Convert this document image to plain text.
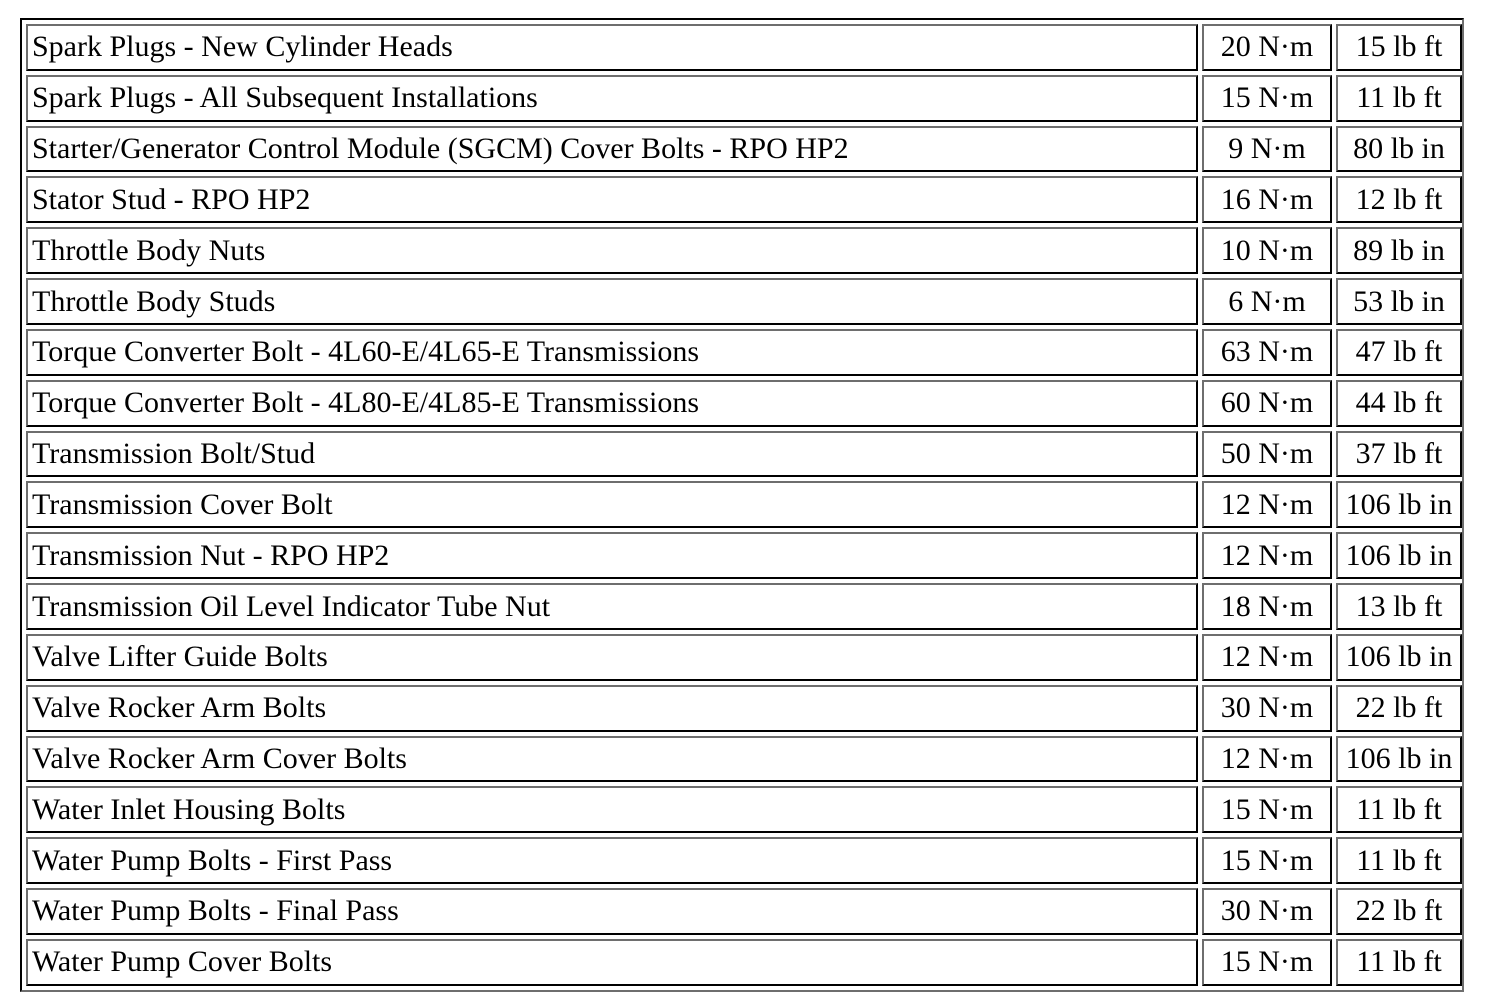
Spark Plugs - New Cylinder Heads	20 N·m	15 lb ft
Spark Plugs - All Subsequent Installations	15 N·m	11 lb ft
Starter/Generator Control Module (SGCM) Cover Bolts - RPO HP2	9 N·m	80 lb in
Stator Stud - RPO HP2	16 N·m	12 lb ft
Throttle Body Nuts	10 N·m	89 lb in
Throttle Body Studs	6 N·m	53 lb in
Torque Converter Bolt - 4L60-E/4L65-E Transmissions	63 N·m	47 lb ft
Torque Converter Bolt - 4L80-E/4L85-E Transmissions	60 N·m	44 lb ft
Transmission Bolt/Stud	50 N·m	37 lb ft
Transmission Cover Bolt	12 N·m	106 lb in
Transmission Nut - RPO HP2	12 N·m	106 lb in
Transmission Oil Level Indicator Tube Nut	18 N·m	13 lb ft
Valve Lifter Guide Bolts	12 N·m	106 lb in
Valve Rocker Arm Bolts	30 N·m	22 lb ft
Valve Rocker Arm Cover Bolts	12 N·m	106 lb in
Water Inlet Housing Bolts	15 N·m	11 lb ft
Water Pump Bolts - First Pass	15 N·m	11 lb ft
Water Pump Bolts - Final Pass	30 N·m	22 lb ft
Water Pump Cover Bolts	15 N·m	11 lb ft
